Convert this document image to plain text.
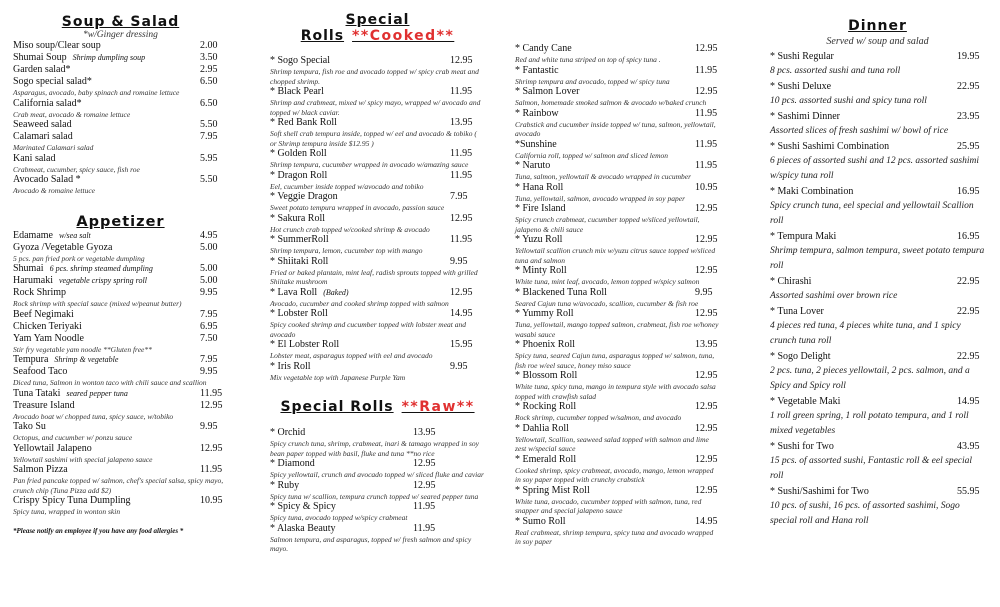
Soup & Salad
*w/Ginger dressing
Miso soup/Clear soup	2.00
Shumai Soup Shrimp dumpling soup	3.50
Garden salad*	2.95
Sogo special salad*	6.50
Asparagus, avocado, baby spinach and romaine lettuce
California salad*	6.50
Crab meat, avocado & romaine lettuce
Seaweed salad	5.50
Calamari salad	7.95
Marinated Calamari salad
Kani salad	5.95
Crabmeat, cucumber, spicy sauce, fish roe
Avocado Salad *	5.50
Avocado & romaine lettuce
Appetizer
Edamame w/sea salt	4.95
Gyoza /Vegetable Gyoza	5.00
5 pcs. pan fried pork or vegetable dumpling
Shumai 6 pcs. shrimp steamed dumpling	5.00
Harumaki vegetable crispy spring roll	5.00
Rock Shrimp	9.95
Rock shrimp with special sauce (mixed w/peanut butter)
Beef Negimaki	7.95
Chicken Teriyaki	6.95
Yam Yam Noodle	7.50
Stir fry vegetable yam noodle **Gluten free**
Tempura Shrimp & vegetable	7.95
Seafood Taco	9.95
Diced tuna, Salmon in wonton taco with chili sauce and scallion
Tuna Tataki seared pepper tuna	11.95
Treasure Island	12.95
Avocado boat w/ chopped tuna, spicy sauce, w/tobiko
Tako Su	9.95
Octopus, and cucumber w/ ponzu sauce
Yellowtail Jalapeno	12.95
Yellowtail sashimi with special jalapeno sauce
Salmon Pizza	11.95
Pan fried pancake topped w/ salmon, chef's special salsa, spicy mayo, crunch chip (Tuna Pizza add $2)
Crispy Spicy Tuna Dumpling	10.95
Spicy tuna, wrapped in wonton skin
*Please notify an employee if you have any food allergies *
Special Rolls **Cooked**
* Sogo Special	12.95
Shrimp tempura, fish roe and avocado topped w/ spicy crab meat and chopped shrimp.
* Black Pearl	11.95
Shrimp and crabmeat, mixed w/ spicy mayo, wrapped w/ avocado and topped w/ black caviar.
* Red Bank Roll	13.95
Soft shell crab tempura inside, topped w/ eel and avocado & tobiko ( or Shrimp tempura inside $12.95 )
* Golden Roll	11.95
Shrimp tempura, cucumber wrapped in avocado w/amazing sauce
* Dragon Roll	11.95
Eel, cucumber inside topped w/avocado and tobiko
* Veggie Dragon	7.95
Sweet potato tempura wrapped in avocado, passion sauce
* Sakura Roll	12.95
Hot crunch crab topped w/cooked shrimp & avocado
* SummerRoll	11.95
Shrimp tempura, lemon, cucumber top with mango
* Shiitaki Roll	9.95
Fried or baked plantain, mint leaf, radish sprouts topped with grilled Shiitake mushroom
* Lava Roll (Baked)	12.95
Avocado, cucumber and cooked shrimp topped with salmon
* Lobster Roll	14.95
Spicy cooked shrimp and cucumber topped with lobster meat and avocado
* El Lobster Roll	15.95
Lobster meat, asparagus topped with eel and avocado
* Iris Roll	9.95
Mix vegetable top with Japanese Purple Yam
Special Rolls **Raw**
* Orchid	13.95
Spicy crunch tuna, shrimp, crabmeat, inari & tamago wrapped in soy bean paper topped with basil, fluke and tuna **no rice
* Diamond	12.95
Spicy yellowtail, crunch and avocado topped w/ sliced fluke and caviar
* Ruby	12.95
Spicy tuna w/ scallion, tempura crunch topped w/ seared pepper tuna
* Spicy & Spicy	11.95
Spicy tuna, avocado topped w/spicy crabmeat
* Alaska Beauty	11.95
Salmon tempura, and asparagus, topped w/ fresh salmon and spicy mayo.
* Candy Cane	12.95
Red and white tuna striped on top of spicy tuna .
* Fantastic	11.95
Shrimp tempura and avocado, topped w/ spicy tuna
* Salmon Lover	12.95
Salmon, homemade smoked salmon & avocado w/baked crunch
* Rainbow	11.95
Crabstick and cucumber inside topped w/ tuna, salmon, yellowtail, avocado
*Sunshine	11.95
California roll, topped w/ salmon and sliced lemon
* Naruto	11.95
Tuna, salmon, yellowtail & avocado wrapped in cucumber
* Hana Roll	10.95
Tuna, yellowtail, salmon, avocado wrapped in soy paper
* Fire Island	12.95
Spicy crunch crabmeat, cucumber topped w/sliced yellowtail, jalapeno & chili sauce
* Yuzu Roll	12.95
Yellowtail scallion crunch mix w/yuzu citrus sauce topped w/sliced tuna and salmon
* Minty Roll	12.95
White tuna, mint leaf, avocado, lemon topped w/spicy salmon
* Blackened Tuna Roll	9.95
Seared Cajun tuna w/avocado, scallion, cucumber & fish roe
* Yummy Roll	12.95
Tuna, yellowtail, mango topped salmon, crabmeat, fish roe w/honey wasabi sauce
* Phoenix Roll	13.95
Spicy tuna, seared Cajun tuna, asparagus topped w/ salmon, tuna, fish roe w/eel sauce, honey miso sauce
* Blossom Roll	12.95
White tuna, spicy tuna, mango in tempura style with avocado salsa topped with crawfish salad
* Rocking Roll	12.95
Rock shrimp, cucumber topped w/salmon, and avocado
* Dahlia Roll	12.95
Yellowtail, Scallion, seaweed salad topped with salmon and lime zest w/special sauce
* Emerald Roll	12.95
Cooked shrimp, spicy crabmeat, avocado, mango, lemon wrapped in soy paper topped with crunchy crabstick
* Spring Mist Roll	12.95
White tuna, avocado, cucumber topped with salmon, tuna, red snapper and special jalapeno sauce
* Sumo Roll	14.95
Real crabmeat, shrimp tempura, spicy tuna and avocado wrapped in soy paper
Dinner
Served w/ soup and salad
* Sushi Regular	19.95
8 pcs. assorted sushi and tuna roll
* Sushi Deluxe	22.95
10 pcs. assorted sushi and spicy tuna roll
* Sashimi Dinner	23.95
Assorted slices of fresh sashimi w/ bowl of rice
* Sushi Sashimi Combination	25.95
6 pieces of assorted sushi and 12 pcs. assorted sashimi w/spicy tuna roll
* Maki Combination	16.95
Spicy crunch tuna, eel special and yellowtail Scallion roll
* Tempura Maki	16.95
Shrimp tempura, salmon tempura, sweet potato tempura roll
* Chirashi	22.95
Assorted sashimi over brown rice
* Tuna Lover	22.95
4 pieces red tuna, 4 pieces white tuna, and 1 spicy crunch tuna roll
* Sogo Delight	22.95
2 pcs. tuna, 2 pieces yellowtail, 2 pcs. salmon, and a Spicy and Spicy roll
* Vegetable Maki	14.95
1 roll green spring, 1 roll potato tempura, and 1 roll mixed vegetables
* Sushi for Two	43.95
15 pcs. of assorted sushi, Fantastic roll & eel special roll
* Sushi/Sashimi for Two	55.95
10 pcs. of sushi, 16 pcs. of assorted sashimi, Sogo special roll and Hana roll
